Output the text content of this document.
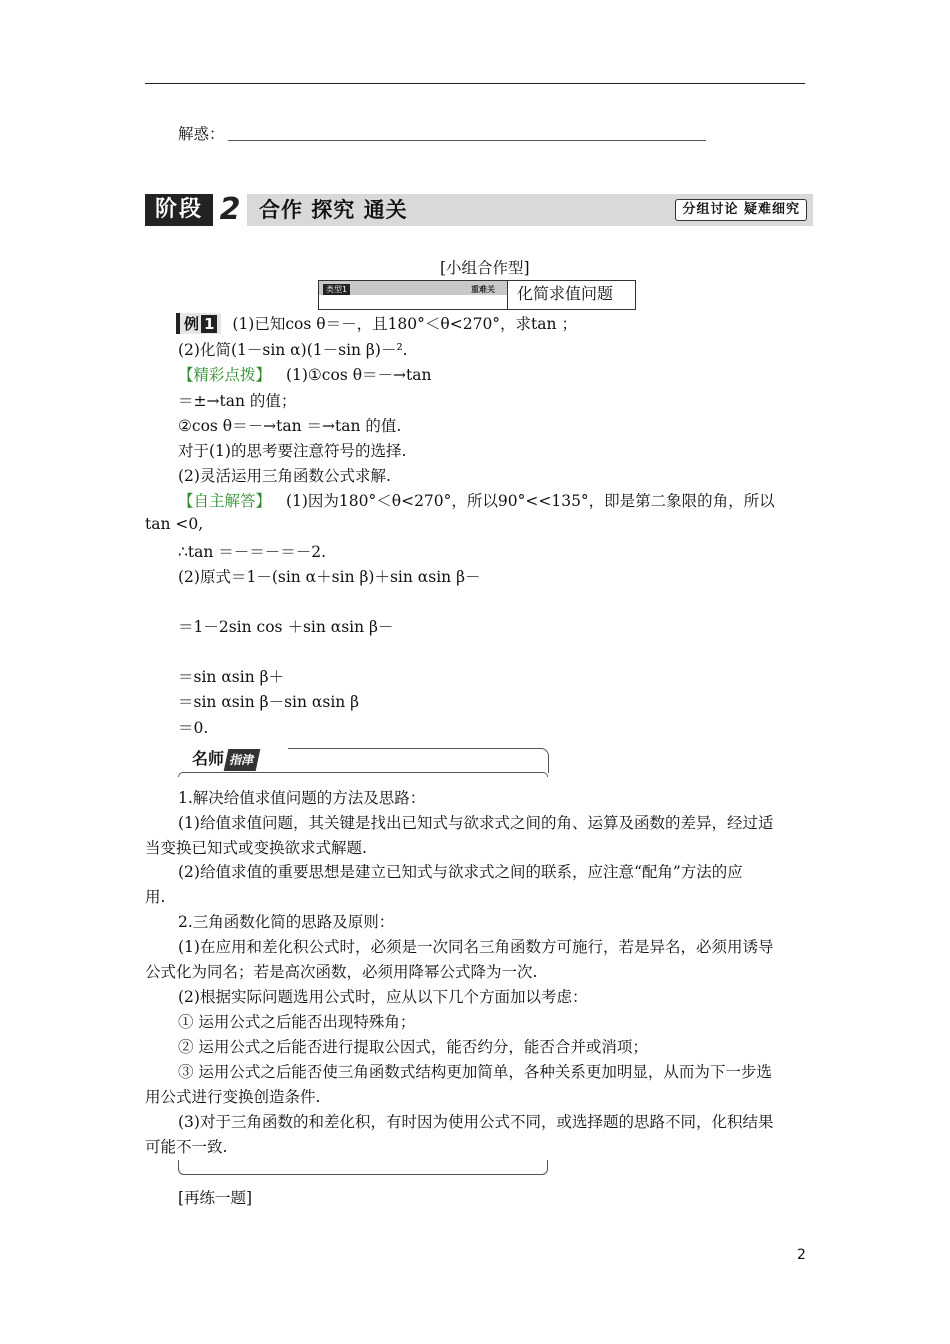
解惑：
阶段 2 合作 探究 通关	分组讨论 疑难细究
[小组合作型]
类型1	重难关 化简求值问题
例 1 (1)已知cos θ＝－，且180°＜θ<270°，求tan ；
(2)化简(1－sin α)(1－sin β)－².
【精彩点拨】 (1)①cos θ＝－→tan
＝±→tan 的值；
②cos θ＝－→tan ＝→tan 的值.
对于(1)的思考要注意符号的选择.
(2)灵活运用三角函数公式求解.
【自主解答】 (1)因为180°＜θ<270°，所以90°<<135°，即是第二象限的角，所以
tan <0,
∴tan ＝－＝－＝－2.
(2)原式＝1－(sin α＋sin β)＋sin αsin β－
＝1－2sin cos ＋sin αsin β－
＝sin αsin β＋
＝sin αsin β－sin αsin β
＝0.
名师 指津
1.解决给值求值问题的方法及思路：
(1)给值求值问题，其关键是找出已知式与欲求式之间的角、运算及函数的差异，经过适
当变换已知式或变换欲求式解题.
(2)给值求值的重要思想是建立已知式与欲求式之间的联系，应注意“配角”方法的应
用.
2.三角函数化简的思路及原则：
(1)在应用和差化积公式时，必须是一次同名三角函数方可施行，若是异名，必须用诱导
公式化为同名；若是高次函数，必须用降幂公式降为一次.
(2)根据实际问题选用公式时，应从以下几个方面加以考虑：
① 运用公式之后能否出现特殊角；
② 运用公式之后能否进行提取公因式，能否约分，能否合并或消项；
③ 运用公式之后能否使三角函数式结构更加简单，各种关系更加明显，从而为下一步选
用公式进行变换创造条件.
(3)对于三角函数的和差化积，有时因为使用公式不同，或选择题的思路不同，化积结果
可能不一致.
[再练一题]
2
